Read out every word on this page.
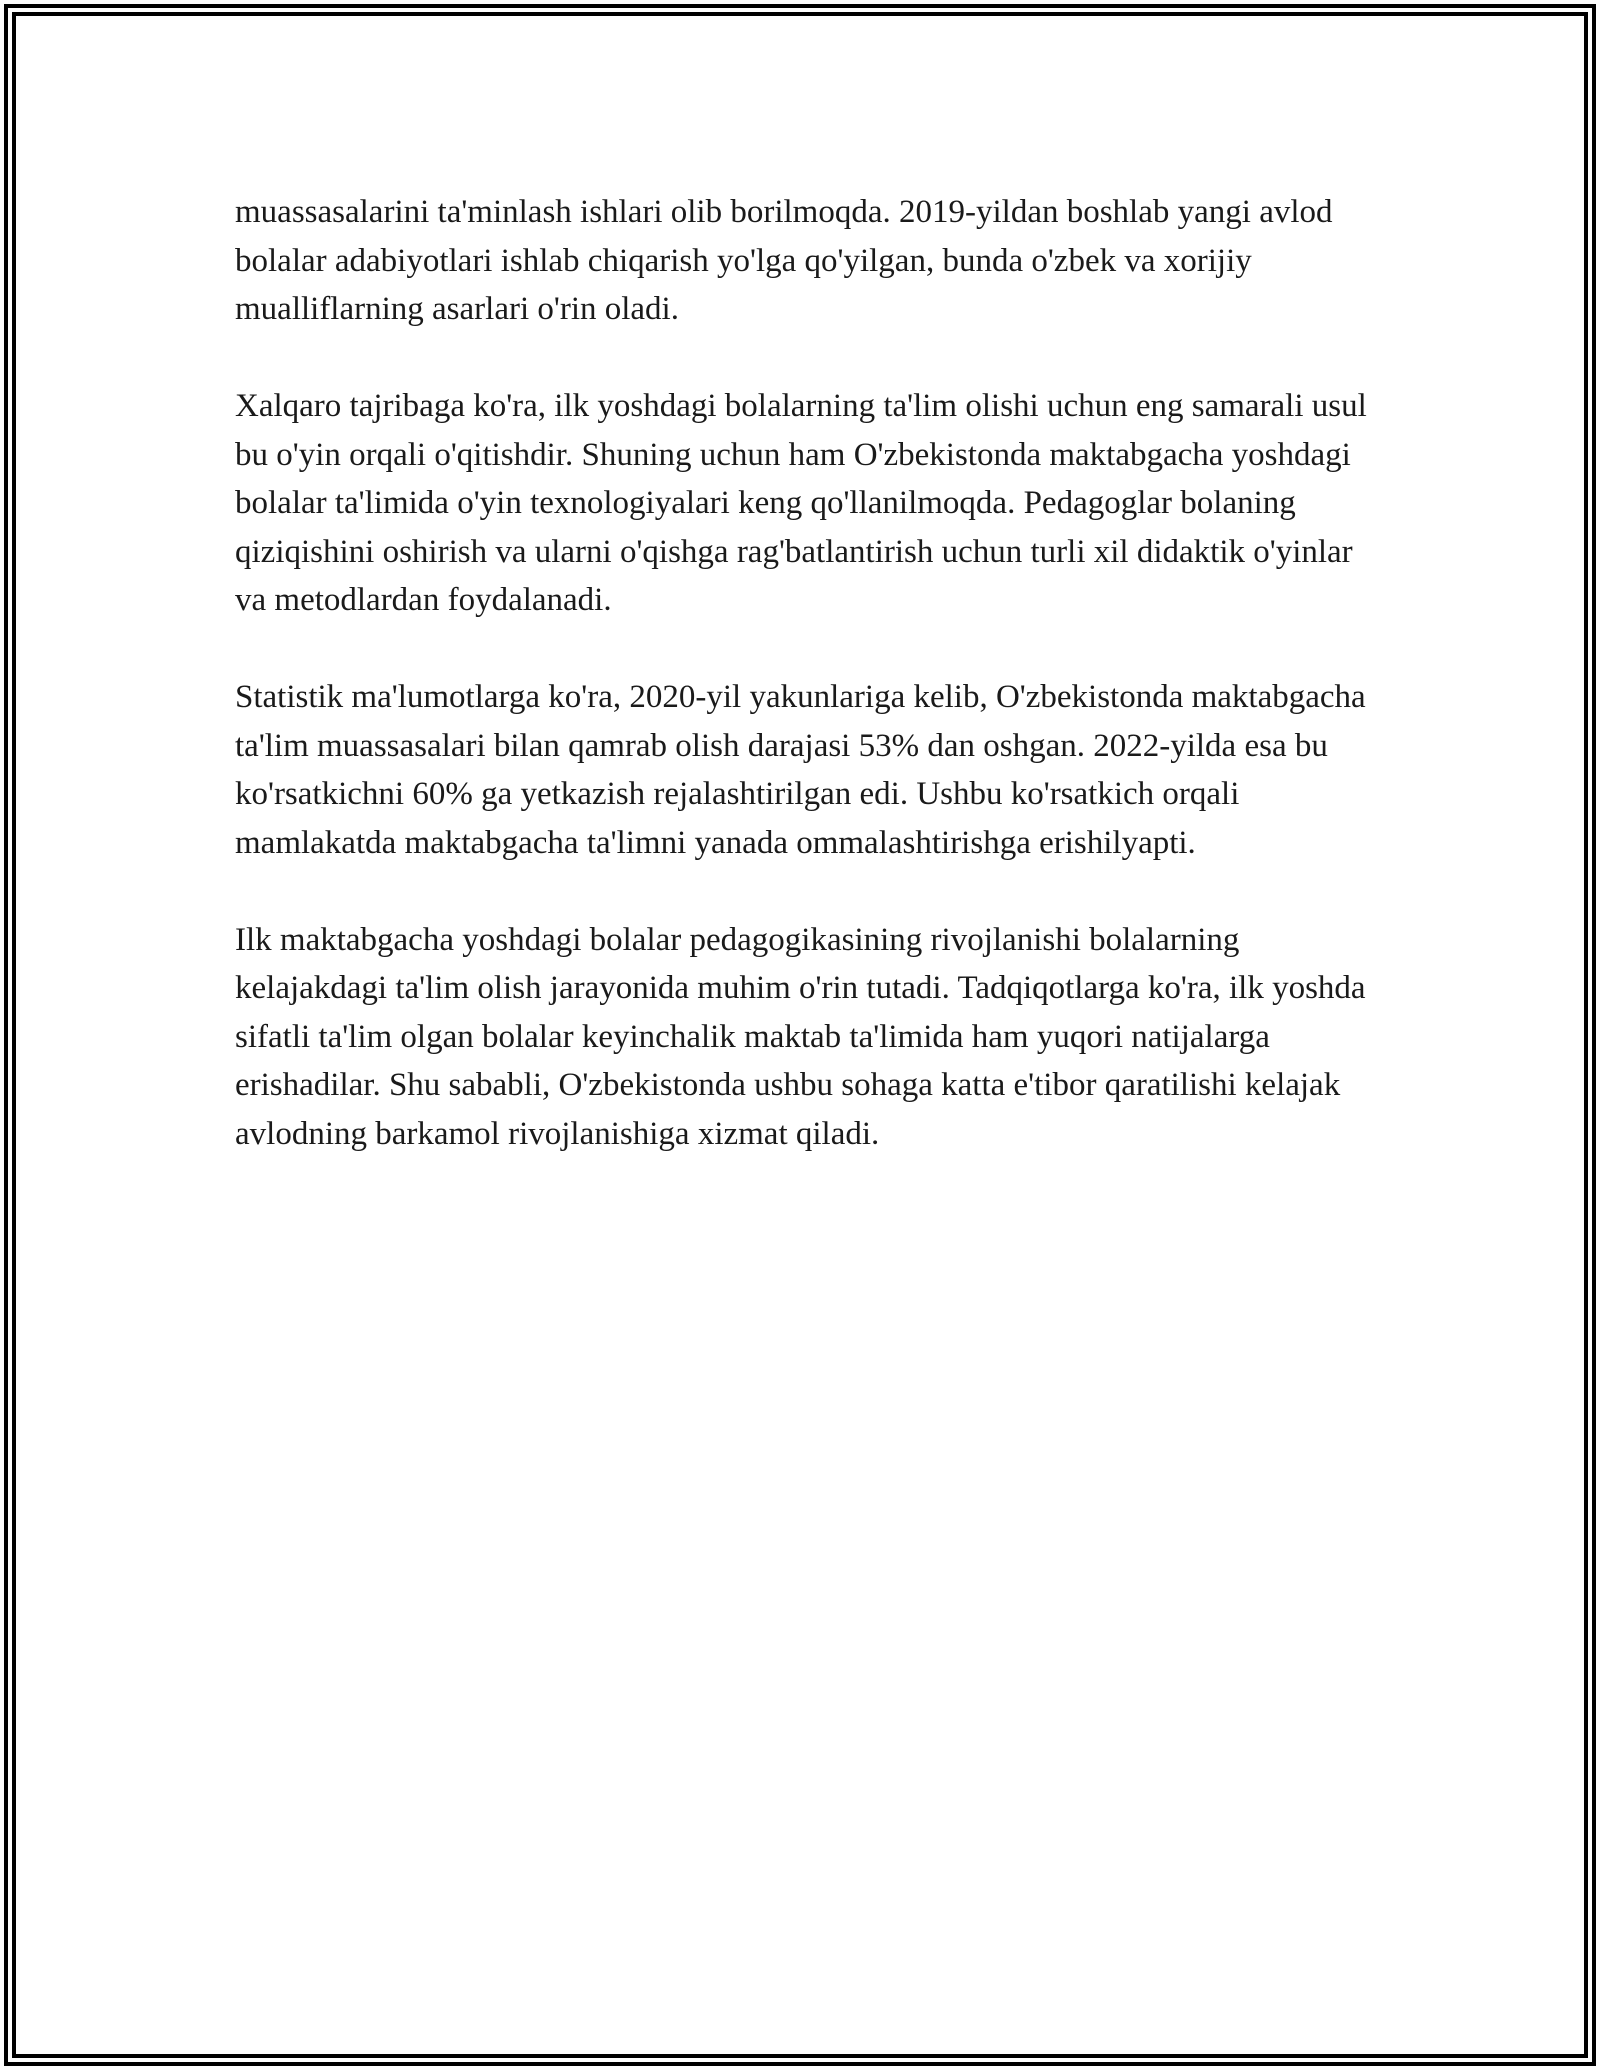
muassasalarini ta'minlash ishlari olib borilmoqda. 2019-yildan boshlab yangi avlod bolalar adabiyotlari ishlab chiqarish yo'lga qo'yilgan, bunda o'zbek va xorijiy mualliflarning asarlari o'rin oladi.

Xalqaro tajribaga ko'ra, ilk yoshdagi bolalarning ta'lim olishi uchun eng samarali usul bu o'yin orqali o'qitishdir. Shuning uchun ham O'zbekistonda maktabgacha yoshdagi bolalar ta'limida o'yin texnologiyalari keng qo'llanilmoqda. Pedagoglar bolaning qiziqishini oshirish va ularni o'qishga rag'batlantirish uchun turli xil didaktik o'yinlar va metodlardan foydalanadi.

Statistik ma'lumotlarga ko'ra, 2020-yil yakunlariga kelib, O'zbekistonda maktabgacha ta'lim muassasalari bilan qamrab olish darajasi 53% dan oshgan. 2022-yilda esa bu ko'rsatkichni 60% ga yetkazish rejalashtirilgan edi. Ushbu ko'rsatkich orqali mamlakatda maktabgacha ta'limni yanada ommalashtirishga erishilyapti.

Ilk maktabgacha yoshdagi bolalar pedagogikasining rivojlanishi bolalarning kelajakdagi ta'lim olish jarayonida muhim o'rin tutadi. Tadqiqotlarga ko'ra, ilk yoshda sifatli ta'lim olgan bolalar keyinchalik maktab ta'limida ham yuqori natijalarga erishadilar. Shu sababli, O'zbekistonda ushbu sohaga katta e'tibor qaratilishi kelajak avlodning barkamol rivojlanishiga xizmat qiladi.
